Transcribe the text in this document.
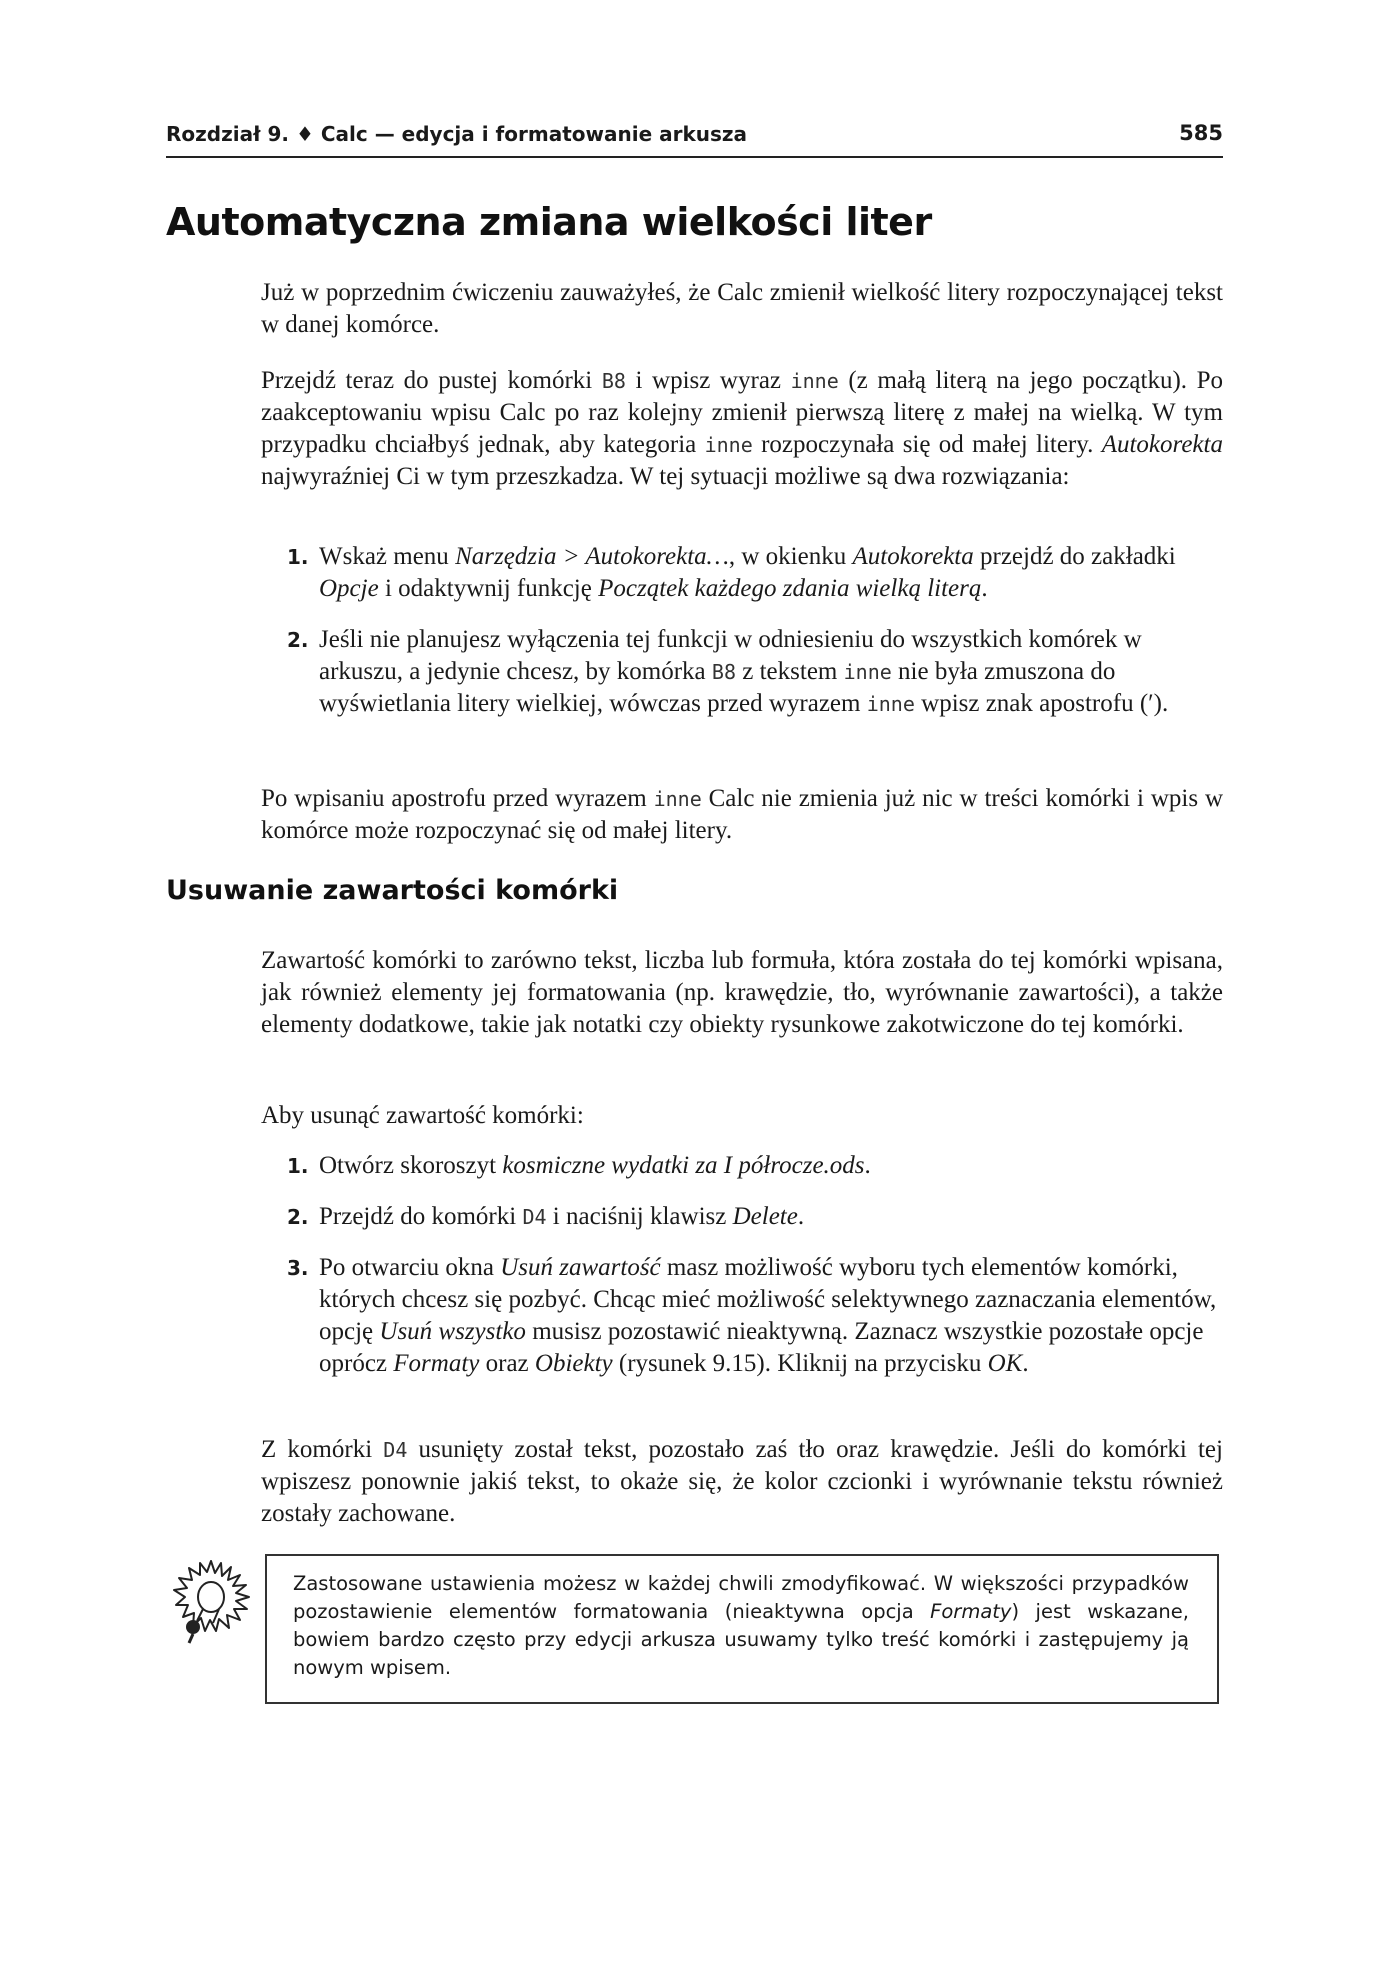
Rozdział 9. ♦ Calc — edycja i formatowanie arkusza	585
Automatyczna zmiana wielkości liter

Już w poprzednim ćwiczeniu zauważyłeś, że Calc zmienił wielkość litery rozpoczynającej tekst w danej komórce.

Przejdź teraz do pustej komórki B8 i wpisz wyraz inne (z małą literą na jego początku). Po zaakceptowaniu wpisu Calc po raz kolejny zmienił pierwszą literę z małej na wielką. W tym przypadku chciałbyś jednak, aby kategoria inne rozpoczynała się od małej litery. Autokorekta najwyraźniej Ci w tym przeszkadza. W tej sytuacji możliwe są dwa rozwiązania:

1. Wskaż menu Narzędzia > Autokorekta…, w okienku Autokorekta przejdź do zakładki Opcje i odaktywnij funkcję Początek każdego zdania wielką literą.
2. Jeśli nie planujesz wyłączenia tej funkcji w odniesieniu do wszystkich komórek w arkuszu, a jedynie chcesz, by komórka B8 z tekstem inne nie była zmuszona do wyświetlania litery wielkiej, wówczas przed wyrazem inne wpisz znak apostrofu (ʹ).

Po wpisaniu apostrofu przed wyrazem inne Calc nie zmienia już nic w treści komórki i wpis w komórce może rozpoczynać się od małej litery.

Usuwanie zawartości komórki

Zawartość komórki to zarówno tekst, liczba lub formuła, która została do tej komórki wpisana, jak również elementy jej formatowania (np. krawędzie, tło, wyrównanie zawartości), a także elementy dodatkowe, takie jak notatki czy obiekty rysunkowe zakotwiczone do tej komórki.

Aby usunąć zawartość komórki:

1. Otwórz skoroszyt kosmiczne wydatki za I półrocze.ods.
2. Przejdź do komórki D4 i naciśnij klawisz Delete.
3. Po otwarciu okna Usuń zawartość masz możliwość wyboru tych elementów komórki, których chcesz się pozbyć. Chcąc mieć możliwość selektywnego zaznaczania elementów, opcję Usuń wszystko musisz pozostawić nieaktywną. Zaznacz wszystkie pozostałe opcje oprócz Formaty oraz Obiekty (rysunek 9.15). Kliknij na przycisku OK.

Z komórki D4 usunięty został tekst, pozostało zaś tło oraz krawędzie. Jeśli do komórki tej wpiszesz ponownie jakiś tekst, to okaże się, że kolor czcionki i wyrównanie tekstu również zostały zachowane.

Zastosowane ustawienia możesz w każdej chwili zmodyfikować. W większości przypadków pozostawienie elementów formatowania (nieaktywna opcja Formaty) jest wskazane, bowiem bardzo często przy edycji arkusza usuwamy tylko treść komórki i zastępujemy ją nowym wpisem.
